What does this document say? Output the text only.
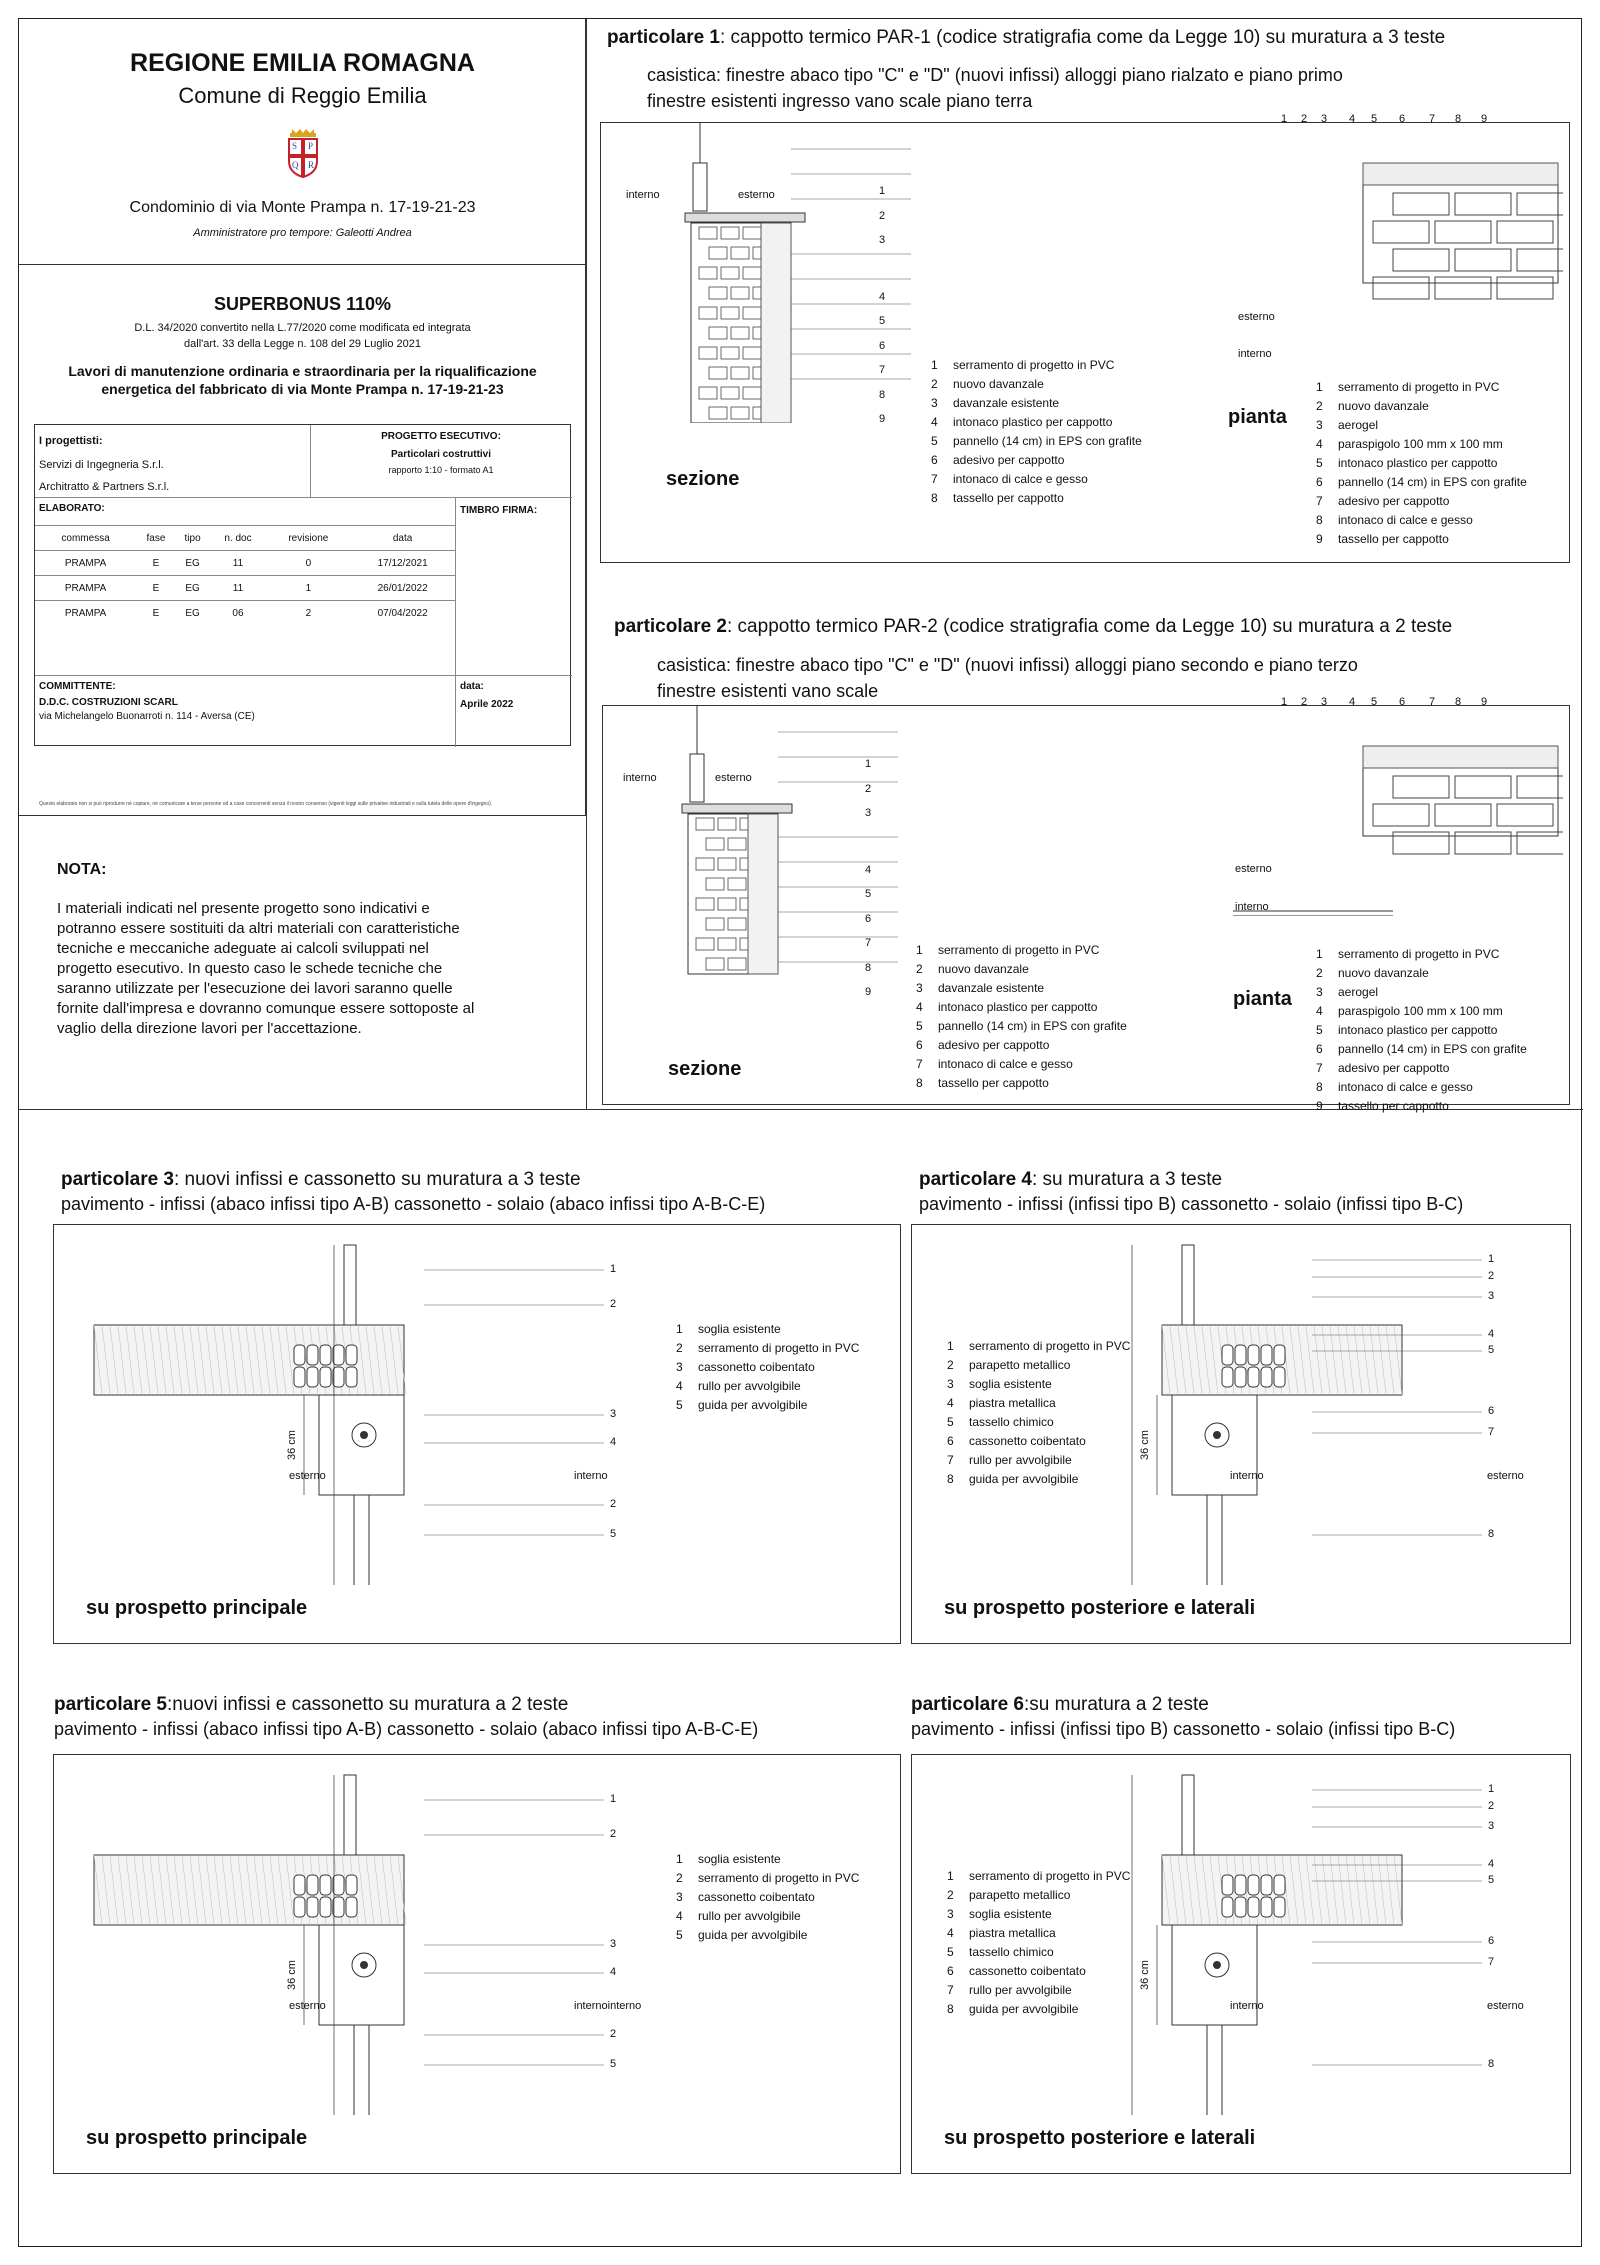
REGIONE EMILIA ROMAGNA
Comune di Reggio Emilia
S P
Q R
Condominio di via Monte Prampa n. 17-19-21-23
Amministratore pro tempore: Galeotti Andrea
SUPERBONUS 110%
D.L. 34/2020 convertito nella L.77/2020 come modificata ed integrata
dall'art. 33 della Legge n. 108 del 29 Luglio 2021
Lavori di manutenzione ordinaria e straordinaria per la riqualificazione
energetica del fabbricato di via Monte Prampa n. 17-19-21-23
I progettisti:
Servizi di Ingegneria S.r.l.
Architratto & Partners S.r.l.
PROGETTO ESECUTIVO:
Particolari costruttivi
rapporto 1:10 - formato A1
ELABORATO:	TIMBRO FIRMA:
commessa	fase	tipo	n. doc	revisione	data
PRAMPA	E	EG	11	0	17/12/2021
PRAMPA	E	EG	11	1	26/01/2022
PRAMPA	E	EG	06	2	07/04/2022
COMMITTENTE:
D.D.C. COSTRUZIONI SCARL
via Michelangelo Buonarroti n. 114 - Aversa (CE)
data:
Aprile 2022
Questo elaborato non si può riprodurre né copiare, né comunicare a terze persone od a case concorrenti senza il nostro consenso (vigenti leggi sulle privative industriali e sulla tutela delle opere d'ingegno).
NOTA:
I materiali indicati nel presente progetto sono indicativi e
potranno essere sostituiti da altri materiali con caratteristiche
tecniche e meccaniche adeguate ai calcoli sviluppati nel
progetto esecutivo. In questo caso le schede tecniche che
saranno utilizzate per l'esecuzione dei lavori saranno quelle
fornite dall'impresa e dovranno comunque essere sottoposte al
vaglio della direzione lavori per l'accettazione.
particolare 1: cappotto termico PAR-1 (codice stratigrafia come da Legge 10) su muratura a 3 teste
casistica: finestre abaco tipo "C" e "D" (nuovi infissi) alloggi piano rialzato e piano primo
finestre esistenti ingresso vano scale piano terra
interno	esterno	1
2
3
4
5
6
7
8
9
sezione
1 serramento di progetto in PVC
2 nuovo davanzale
3 davanzale esistente
4 intonaco plastico per cappotto
5 pannello (14 cm) in EPS con grafite
6 adesivo per cappotto
7 intonaco di calce e gesso
8 tassello per cappotto
1 2 3 4 5 6 7 8 9
esterno
interno
pianta
1 serramento di progetto in PVC
2 nuovo davanzale
3 aerogel
4 paraspigolo 100 mm x 100 mm
5 intonaco plastico per cappotto
6 pannello (14 cm) in EPS con grafite
7 adesivo per cappotto
8 intonaco di calce e gesso
9 tassello per cappotto
particolare 2: cappotto termico PAR-2 (codice stratigrafia come da Legge 10) su muratura a 2 teste
casistica: finestre abaco tipo "C" e "D" (nuovi infissi) alloggi piano secondo e piano terzo
finestre esistenti vano scale
interno	esterno
1
2
3
4
5
6
7
8
9
sezione
1 serramento di progetto in PVC
2 nuovo davanzale
3 davanzale esistente
4 intonaco plastico per cappotto
5 pannello (14 cm) in EPS con grafite
6 adesivo per cappotto
7 intonaco di calce e gesso
8 tassello per cappotto
1 2 3 4 5 6 7 8 9
esterno
interno
pianta
1 serramento di progetto in PVC
2 nuovo davanzale
3 aerogel
4 paraspigolo 100 mm x 100 mm
5 intonaco plastico per cappotto
6 pannello (14 cm) in EPS con grafite
7 adesivo per cappotto
8 intonaco di calce e gesso
9 tassello per cappotto
particolare 3: nuovi infissi e cassonetto su muratura a 3 teste
pavimento - infissi (abaco infissi tipo A-B) cassonetto - solaio (abaco infissi tipo A-B-C-E)
1
2
3
4
2
5
36 cm
esterno	interno
1 soglia esistente
2 serramento di progetto in PVC
3 cassonetto coibentato
4 rullo per avvolgibile
5 guida per avvolgibile
su prospetto principale
particolare 4: su muratura a 3 teste
pavimento - infissi (infissi tipo B) cassonetto - solaio (infissi tipo B-C)
1
2
3
4
5
6
7
8
36 cm
esterno
interno
1 serramento di progetto in PVC
2 parapetto metallico
3 soglia esistente
4 piastra metallica
5 tassello chimico
6 cassonetto coibentato
7 rullo per avvolgibile
8 guida per avvolgibile
su prospetto posteriore e laterali
particolare 5:nuovi infissi e cassonetto su muratura a 2 teste
pavimento - infissi (abaco infissi tipo A-B) cassonetto - solaio (abaco infissi tipo A-B-C-E)
1
2
3
4
2
5
36 cm
esterno	internointerno
1 soglia esistente
2 serramento di progetto in PVC
3 cassonetto coibentato
4 rullo per avvolgibile
5 guida per avvolgibile
su prospetto principale
particolare 6:su muratura a 2 teste
pavimento - infissi (infissi tipo B) cassonetto - solaio (infissi tipo B-C)
1
2
3
4
5
6
7
8
36 cm
esterno
interno
1 serramento di progetto in PVC
2 parapetto metallico
3 soglia esistente
4 piastra metallica
5 tassello chimico
6 cassonetto coibentato
7 rullo per avvolgibile
8 guida per avvolgibile
su prospetto posteriore e laterali
